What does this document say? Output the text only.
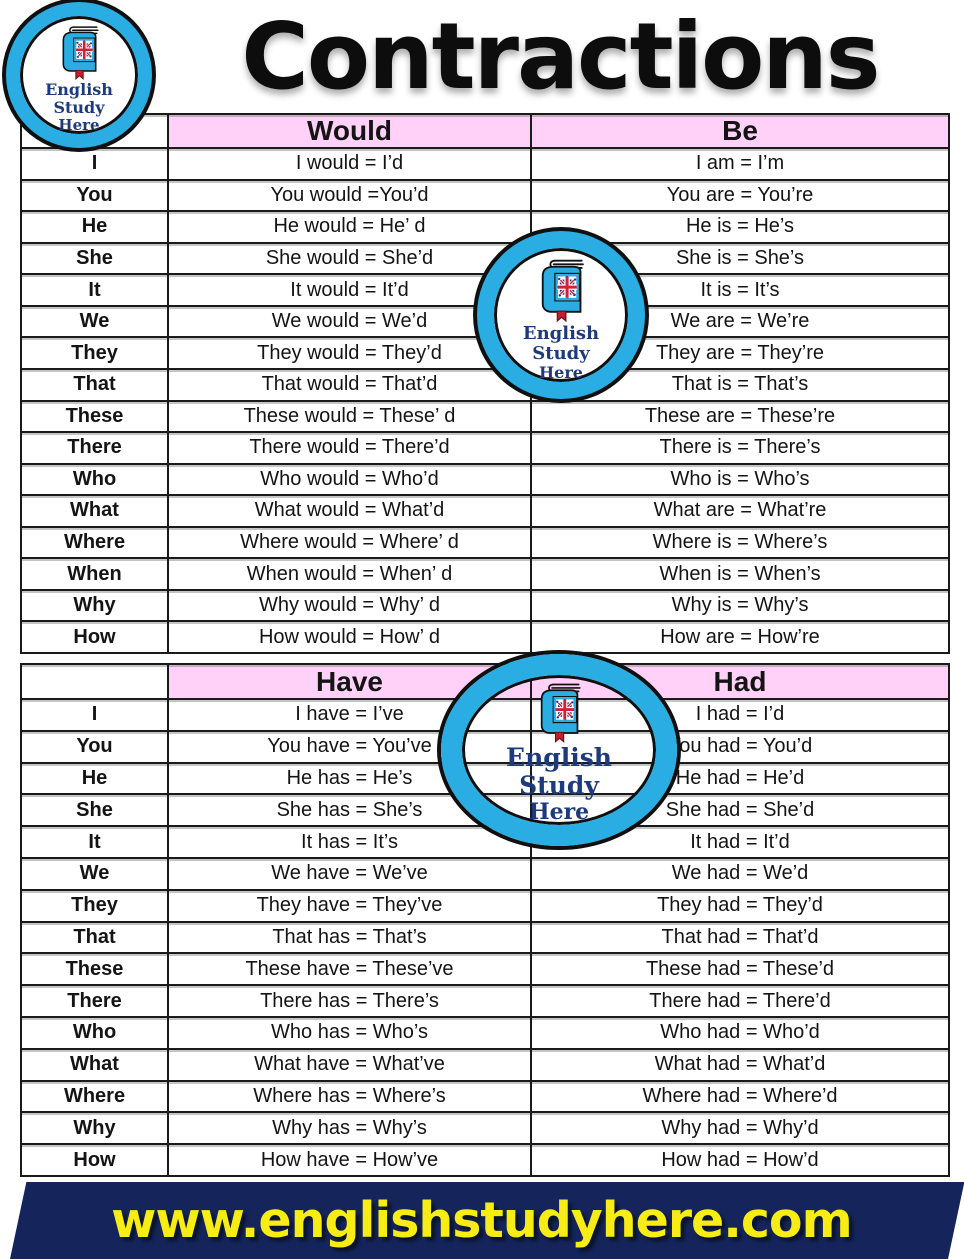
Contractions
	Would	Be
I	I would = I’d	I am = I’m
You	You would =You’d	You are = You’re
He	He would = He’ d	He is = He’s
She	She would = She’d	She is = She’s
It	It would = It’d	It is = It’s
We	We would = We’d	We are = We’re
They	They would = They’d	They are = They’re
That	That would = That’d	That is = That’s
These	These would = These’ d	These are = These’re
There	There would = There’d	There is = There’s
Who	Who would = Who’d	Who is = Who’s
What	What would = What’d	What are = What’re
Where	Where would = Where’ d	Where is = Where’s
When	When would = When’ d	When is = When’s
Why	Why would = Why’ d	Why is = Why’s
How	How would = How’ d	How are = How’re
	Have	Had
I	I have = I’ve	I had = I’d
You	You have = You’ve	You had = You’d
He	He has = He’s	He had = He’d
She	She has = She’s	She had = She’d
It	It has = It’s	It had = It’d
We	We have = We’ve	We had = We’d
They	They have = They’ve	They had = They’d
That	That has = That’s	That had = That’d
These	These have = These’ve	These had = These’d
There	There has = There’s	There had = There’d
Who	Who has = Who’s	Who had = Who’d
What	What have = What’ve	What had = What’d
Where	Where has = Where’s	Where had = Where’d
Why	Why has = Why’s	Why had = Why’d
How	How have = How’ve	How had = How’d
English Study
Here
English Study
Here
English Study
Here
www.englishstudyhere.com
